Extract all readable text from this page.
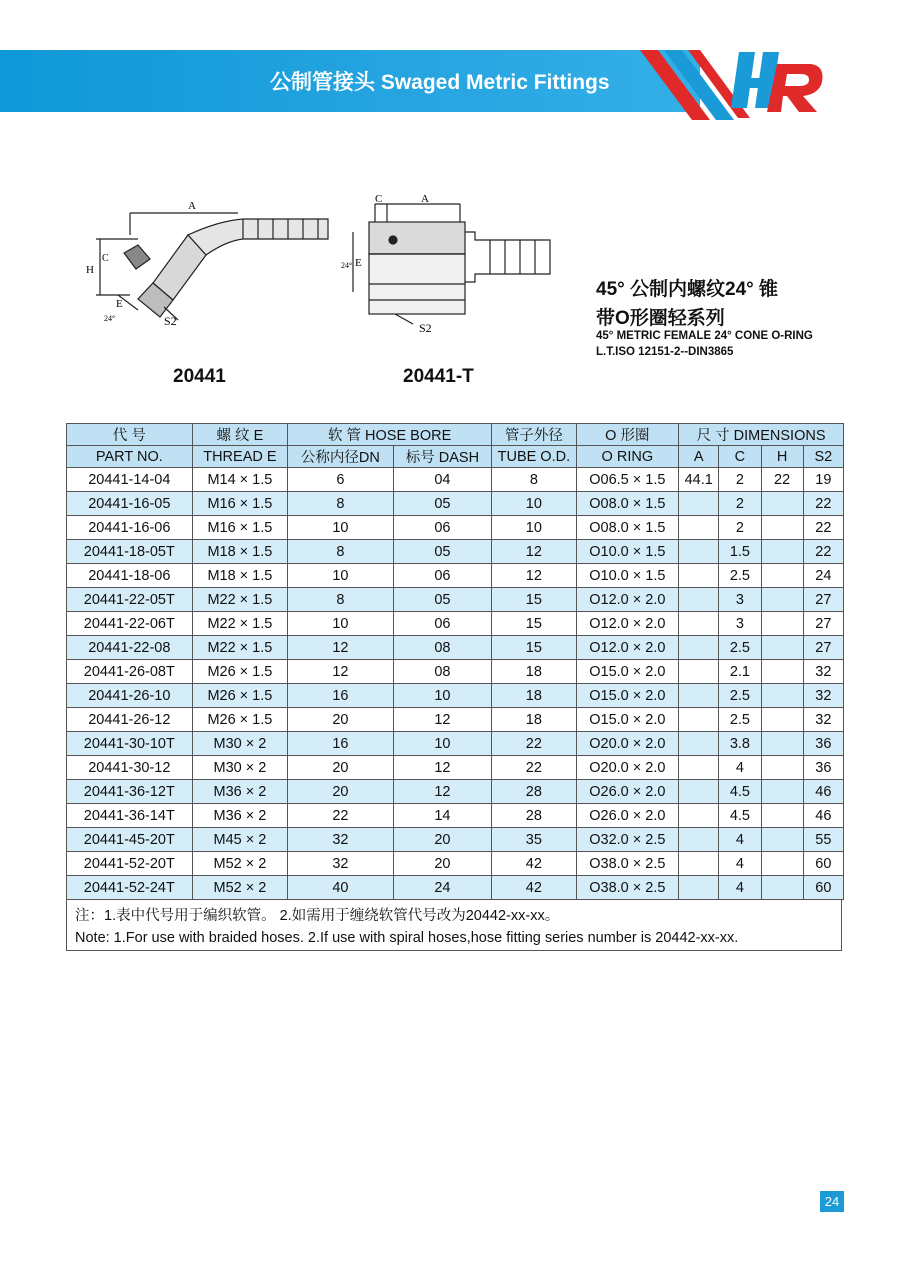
公制管接头 Swaged Metric Fittings
A
H
C
E
24°	S2
C	A
24° E
S2
20441	20441-T
45° 公制内螺纹24° 锥
带O形圈轻系列
45° METRIC FEMALE 24° CONE O-RING
L.T.ISO 12151-2--DIN3865
代 号	螺 纹 E	软 管 HOSE BORE		管子外径	O 形圈	尺 寸 DIMENSIONS			
PART NO.	THREAD E	公称内径DN	标号 DASH	TUBE O.D.	O RING	A	C	H	S2
20441-14-04	M14 × 1.5	6	04	8	O06.5 × 1.5	44.1	2	22	19
20441-16-05	M16 × 1.5	8	05	10	O08.0 × 1.5		2		22
20441-16-06	M16 × 1.5	10	06	10	O08.0 × 1.5		2		22
20441-18-05T	M18 × 1.5	8	05	12	O10.0 × 1.5		1.5		22
20441-18-06	M18 × 1.5	10	06	12	O10.0 × 1.5		2.5		24
20441-22-05T	M22 × 1.5	8	05	15	O12.0 × 2.0		3		27
20441-22-06T	M22 × 1.5	10	06	15	O12.0 × 2.0		3		27
20441-22-08	M22 × 1.5	12	08	15	O12.0 × 2.0		2.5		27
20441-26-08T	M26 × 1.5	12	08	18	O15.0 × 2.0		2.1		32
20441-26-10	M26 × 1.5	16	10	18	O15.0 × 2.0		2.5		32
20441-26-12	M26 × 1.5	20	12	18	O15.0 × 2.0		2.5		32
20441-30-10T	M30 × 2	16	10	22	O20.0 × 2.0		3.8		36
20441-30-12	M30 × 2	20	12	22	O20.0 × 2.0		4		36
20441-36-12T	M36 × 2	20	12	28	O26.0 × 2.0		4.5		46
20441-36-14T	M36 × 2	22	14	28	O26.0 × 2.0		4.5		46
20441-45-20T	M45 × 2	32	20	35	O32.0 × 2.5		4		55
20441-52-20T	M52 × 2	32	20	42	O38.0 × 2.5		4		60
20441-52-24T	M52 × 2	40	24	42	O38.0 × 2.5		4		60
注：1.表中代号用于编织软管。 2.如需用于缠绕软管代号改为20442-xx-xx。
Note: 1.For use with braided hoses. 2.If use with spiral hoses,hose fitting series number is 20442-xx-xx.
24
